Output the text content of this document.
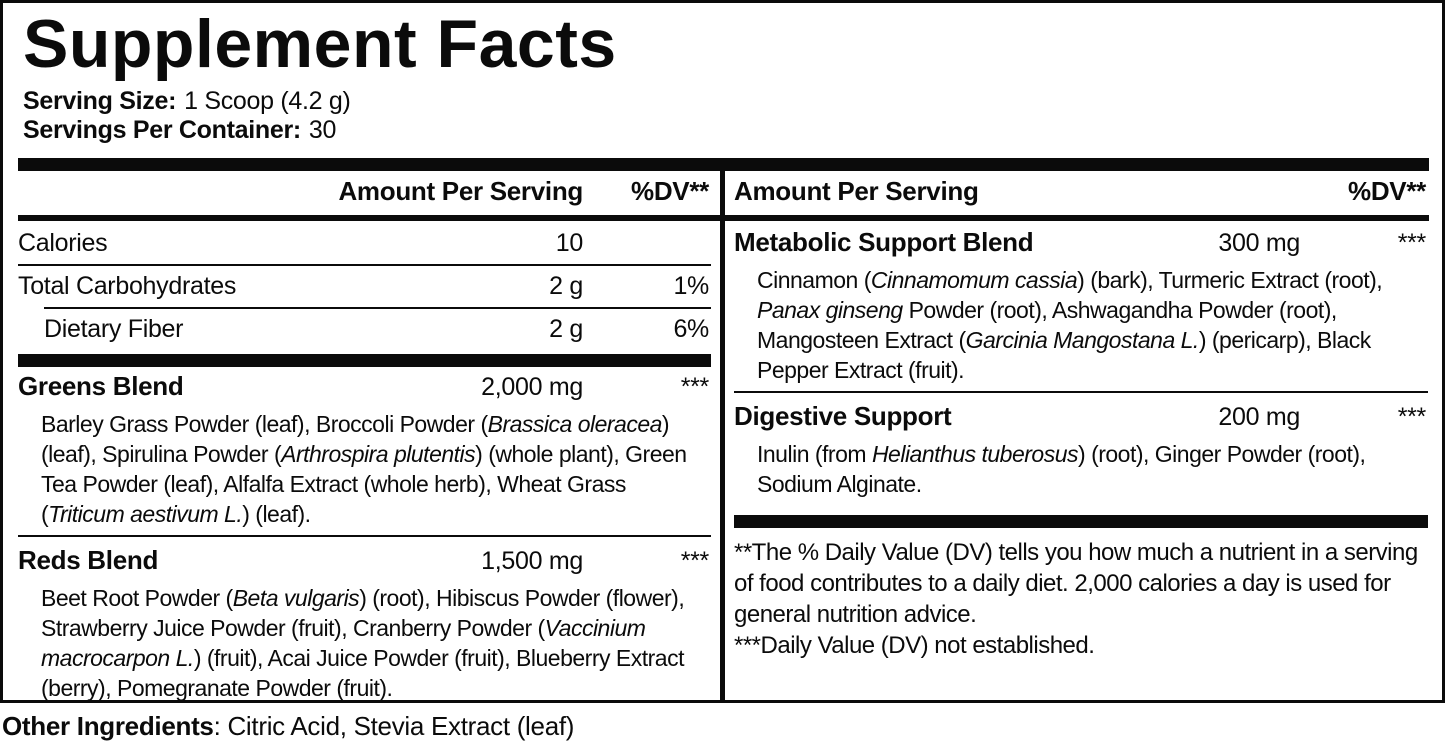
Supplement Facts
Serving Size: 1 Scoop (4.2 g)
Servings Per Container: 30
Amount Per Serving %DV**
Calories	10
Total Carbohydrates	2 g	1%
Dietary Fiber	2 g	6%
Greens Blend	2,000 mg	***
Barley Grass Powder (leaf), Broccoli Powder (Brassica oleracea) (leaf), Spirulina Powder (Arthrospira plutentis) (whole plant), Green Tea Powder (leaf), Alfalfa Extract (whole herb), Wheat Grass (Triticum aestivum L.) (leaf).
Reds Blend	1,500 mg	***
Beet Root Powder (Beta vulgaris) (root), Hibiscus Powder (flower), Strawberry Juice Powder (fruit), Cranberry Powder (Vaccinium macrocarpon L.) (fruit), Acai Juice Powder (fruit), Blueberry Extract (berry), Pomegranate Powder (fruit).
Amount Per Serving	%DV**
Metabolic Support Blend	300 mg	***
Cinnamon (Cinnamomum cassia) (bark), Turmeric Extract (root), Panax ginseng Powder (root), Ashwagandha Powder (root), Mangosteen Extract (Garcinia Mangostana L.) (pericarp), Black Pepper Extract (fruit).
Digestive Support	200 mg	***
Inulin (from Helianthus tuberosus) (root), Ginger Powder (root), Sodium Alginate.
**The % Daily Value (DV) tells you how much a nutrient in a serving of food contributes to a daily diet. 2,000 calories a day is used for general nutrition advice.
***Daily Value (DV) not established.
Other Ingredients: Citric Acid, Stevia Extract (leaf)
